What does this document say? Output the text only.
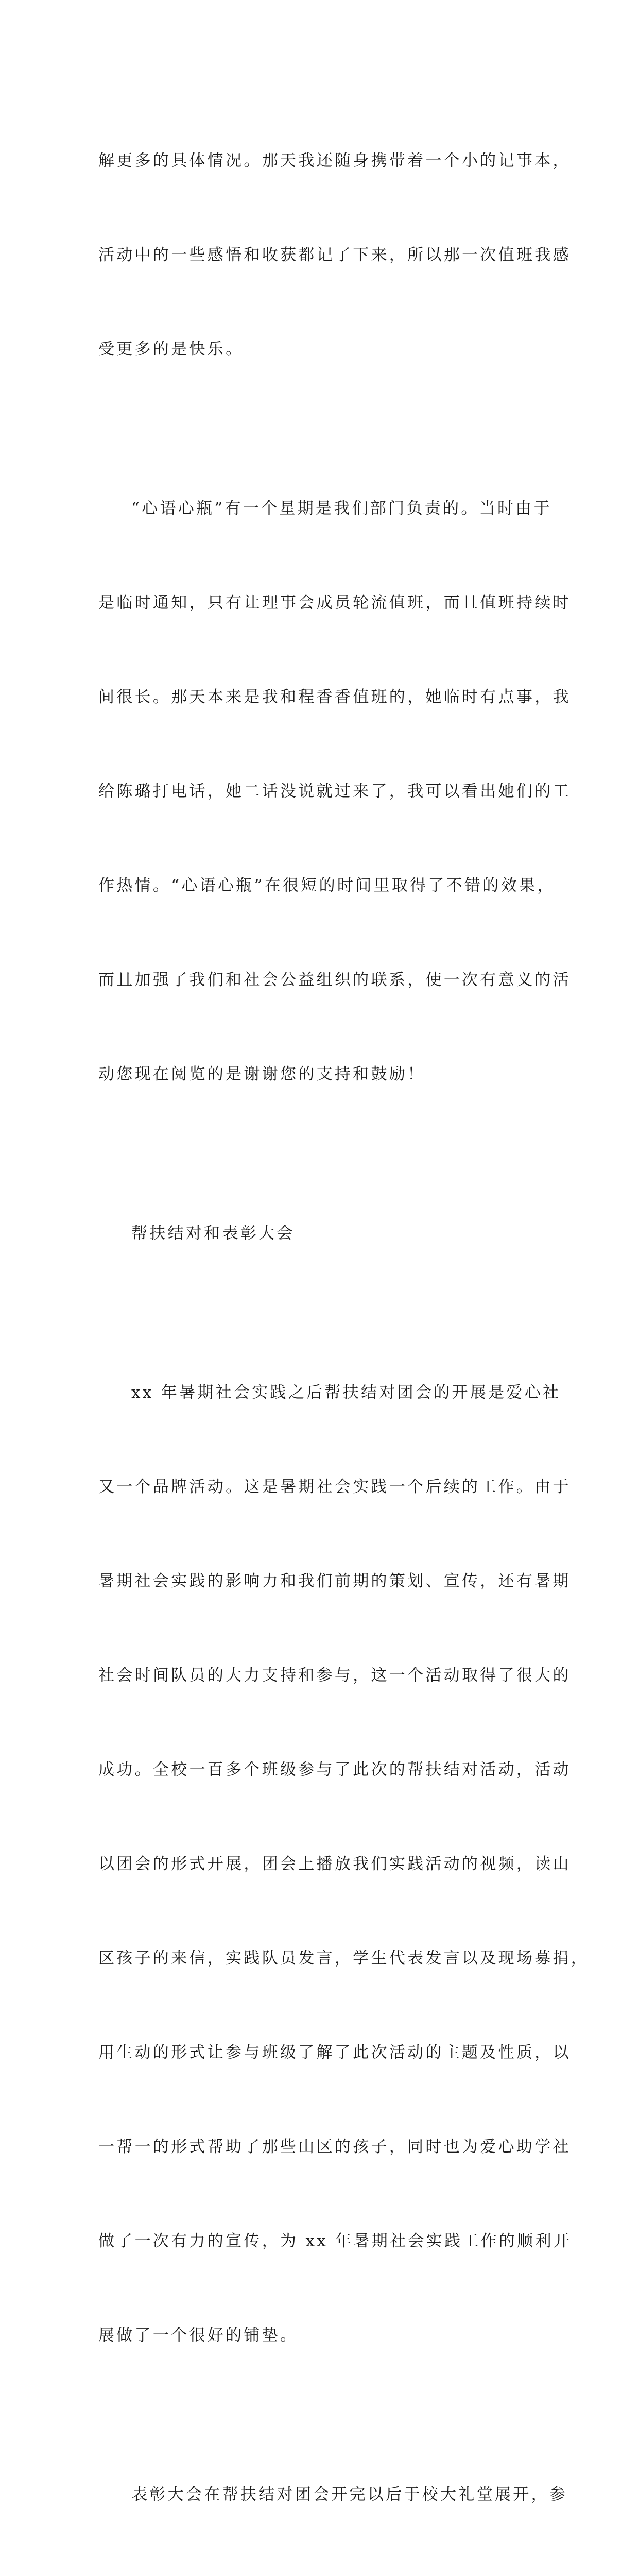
解更多的具体情况。那天我还随身携带着一个小的记事本，

活动中的一些感悟和收获都记了下来，所以那一次值班我感

受更多的是快乐。

“心语心瓶”有一个星期是我们部门负责的。当时由于

是临时通知，只有让理事会成员轮流值班，而且值班持续时

间很长。那天本来是我和程香香值班的，她临时有点事，我

给陈璐打电话，她二话没说就过来了，我可以看出她们的工

作热情。“心语心瓶”在很短的时间里取得了不错的效果，

而且加强了我们和社会公益组织的联系，使一次有意义的活

动您现在阅览的是谢谢您的支持和鼓励！

帮扶结对和表彰大会

xx 年暑期社会实践之后帮扶结对团会的开展是爱心社

又一个品牌活动。这是暑期社会实践一个后续的工作。由于

暑期社会实践的影响力和我们前期的策划、宣传，还有暑期

社会时间队员的大力支持和参与，这一个活动取得了很大的

成功。全校一百多个班级参与了此次的帮扶结对活动，活动

以团会的形式开展，团会上播放我们实践活动的视频，读山

区孩子的来信，实践队员发言，学生代表发言以及现场募捐，

用生动的形式让参与班级了解了此次活动的主题及性质，以

一帮一的形式帮助了那些山区的孩子，同时也为爱心助学社

做了一次有力的宣传，为 xx 年暑期社会实践工作的顺利开

展做了一个很好的铺垫。

表彰大会在帮扶结对团会开完以后于校大礼堂展开，参
